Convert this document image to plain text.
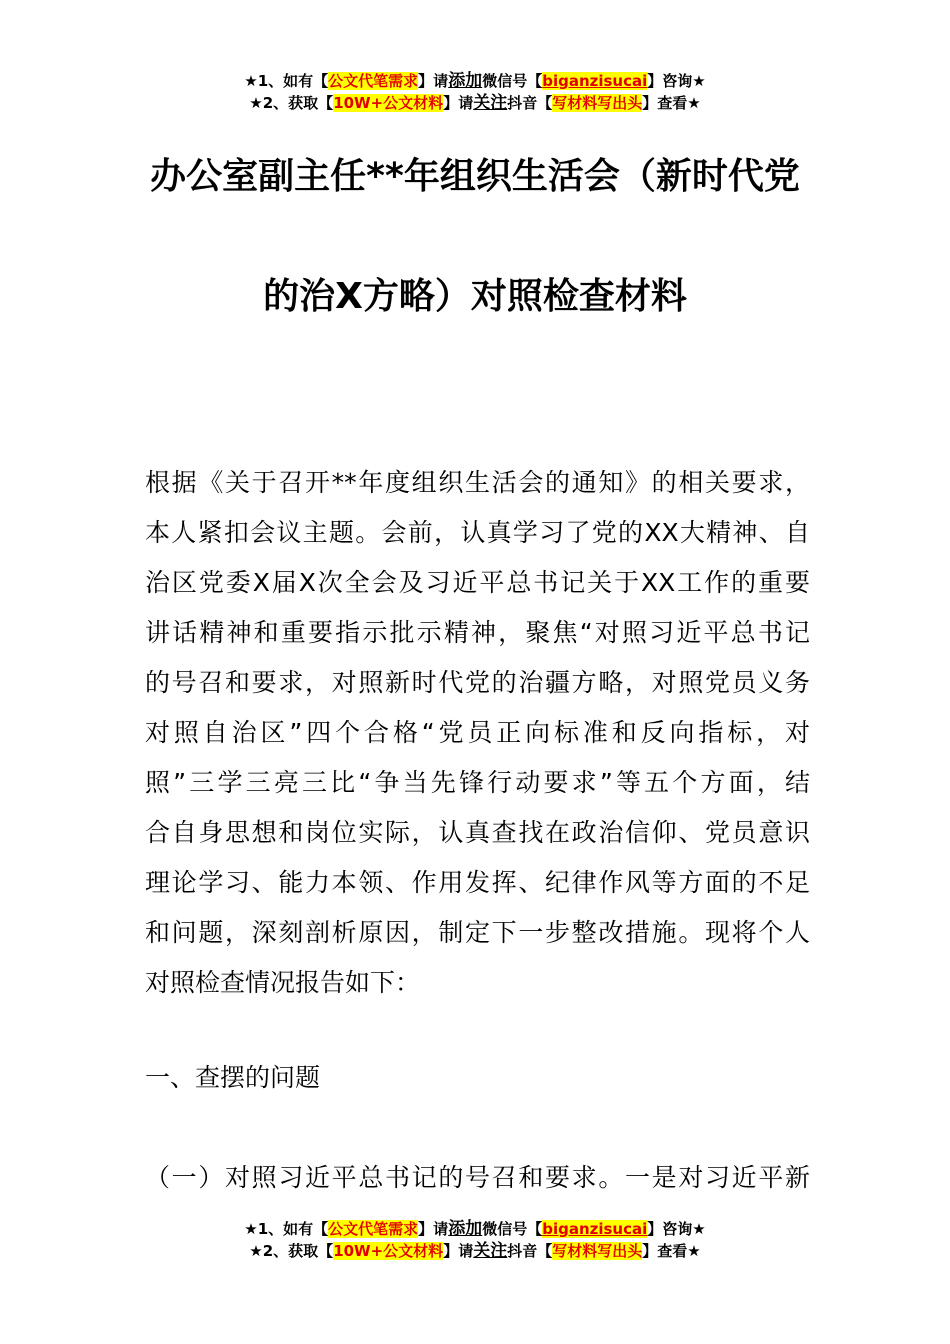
★1、如有【公文代笔需求】请添加微信号【biganzisucai】咨询★
★2、获取【10W+公文材料】请关注抖音【写材料写出头】查看★
办公室副主任**年组织生活会（新时代党
的治X方略）对照检查材料
根据《关于召开**年度组织生活会的通知》的相关要求，
本人紧扣会议主题。会前，认真学习了党的XX大精神、自
治区党委X届X次全会及习近平总书记关于XX工作的重要
讲话精神和重要指示批示精神，聚焦“对照习近平总书记
的号召和要求，对照新时代党的治疆方略，对照党员义务
对照自治区”四个合格“党员正向标准和反向指标，对
照”三学三亮三比“争当先锋行动要求”等五个方面，结
合自身思想和岗位实际，认真查找在政治信仰、党员意识
理论学习、能力本领、作用发挥、纪律作风等方面的不足
和问题，深刻剖析原因，制定下一步整改措施。现将个人
对照检查情况报告如下：
一、查摆的问题
（一）对照习近平总书记的号召和要求。一是对习近平新
★1、如有【公文代笔需求】请添加微信号【biganzisucai】咨询★
★2、获取【10W+公文材料】请关注抖音【写材料写出头】查看★
